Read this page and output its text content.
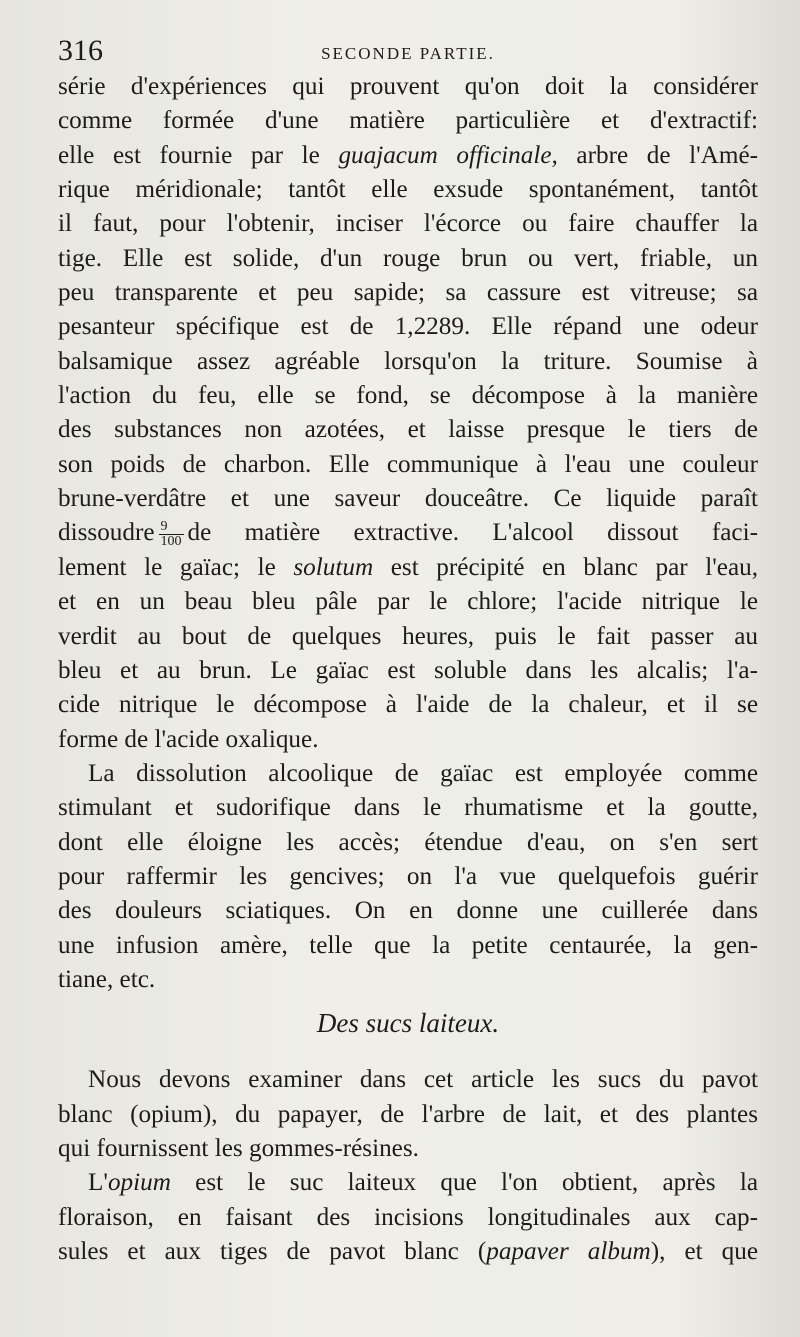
316	SECONDE PARTIE.
série d'expériences qui prouvent qu'on doit la considérer
comme formée d'une matière particulière et d'extractif:
elle est fournie par le guajacum officinale, arbre de l'Amé-
rique méridionale; tantôt elle exsude spontanément, tantôt
il faut, pour l'obtenir, inciser l'écorce ou faire chauffer la
tige. Elle est solide, d'un rouge brun ou vert, friable, un
peu transparente et peu sapide; sa cassure est vitreuse; sa
pesanteur spécifique est de 1,2289. Elle répand une odeur
balsamique assez agréable lorsqu'on la triture. Soumise à
l'action du feu, elle se fond, se décompose à la manière
des substances non azotées, et laisse presque le tiers de
son poids de charbon. Elle communique à l'eau une couleur
brune-verdâtre et une saveur douceâtre. Ce liquide paraît
dissoudre $\frac{9}{100}$ de matière extractive. L'alcool dissout faci-
lement le gaïac; le solutum est précipité en blanc par l'eau,
et en un beau bleu pâle par le chlore; l'acide nitrique le
verdit au bout de quelques heures, puis le fait passer au
bleu et au brun. Le gaïac est soluble dans les alcalis; l'a-
cide nitrique le décompose à l'aide de la chaleur, et il se
forme de l'acide oxalique.
La dissolution alcoolique de gaïac est employée comme
stimulant et sudorifique dans le rhumatisme et la goutte,
dont elle éloigne les accès; étendue d'eau, on s'en sert
pour raffermir les gencives; on l'a vue quelquefois guérir
des douleurs sciatiques. On en donne une cuillerée dans
une infusion amère, telle que la petite centaurée, la gen-
tiane, etc.
Des sucs laiteux.
Nous devons examiner dans cet article les sucs du pavot
blanc (opium), du papayer, de l'arbre de lait, et des plantes
qui fournissent les gommes-résines.
L'opium est le suc laiteux que l'on obtient, après la
floraison, en faisant des incisions longitudinales aux cap-
sules et aux tiges de pavot blanc (papaver album), et que
